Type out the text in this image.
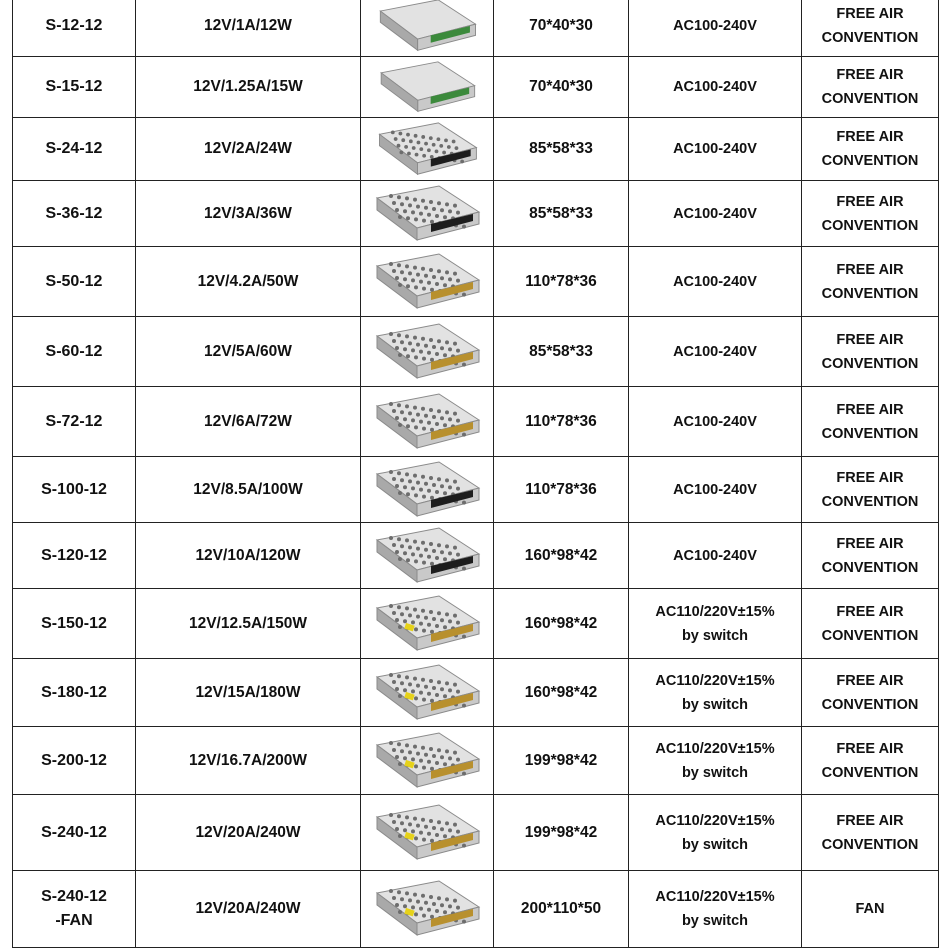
S-12-12	12V/1A/12W		70*40*30	AC100-240V	FREE AIR
CONVENTION

S-15-12	12V/1.25A/15W		70*40*30	AC100-240V	FREE AIR
CONVENTION

S-24-12	12V/2A/24W		85*58*33	AC100-240V	FREE AIR
CONVENTION

S-36-12	12V/3A/36W		85*58*33	AC100-240V	FREE AIR
CONVENTION

S-50-12	12V/4.2A/50W		110*78*36	AC100-240V	FREE AIR
CONVENTION

S-60-12	12V/5A/60W		85*58*33	AC100-240V	FREE AIR
CONVENTION

S-72-12	12V/6A/72W		110*78*36	AC100-240V	FREE AIR
CONVENTION

S-100-12	12V/8.5A/100W		110*78*36	AC100-240V	FREE AIR
CONVENTION

S-120-12	12V/10A/120W		160*98*42	AC100-240V	FREE AIR
CONVENTION

S-150-12	12V/12.5A/150W		160*98*42	AC110/220V±15%
by switch	FREE AIR
CONVENTION

S-180-12	12V/15A/180W		160*98*42	AC110/220V±15%
by switch	FREE AIR
CONVENTION

S-200-12	12V/16.7A/200W		199*98*42	AC110/220V±15%
by switch	FREE AIR
CONVENTION

S-240-12	12V/20A/240W		199*98*42	AC110/220V±15%
by switch	FREE AIR
CONVENTION

S-240-12
-FAN	12V/20A/240W		200*110*50	AC110/220V±15%
by switch	FAN
